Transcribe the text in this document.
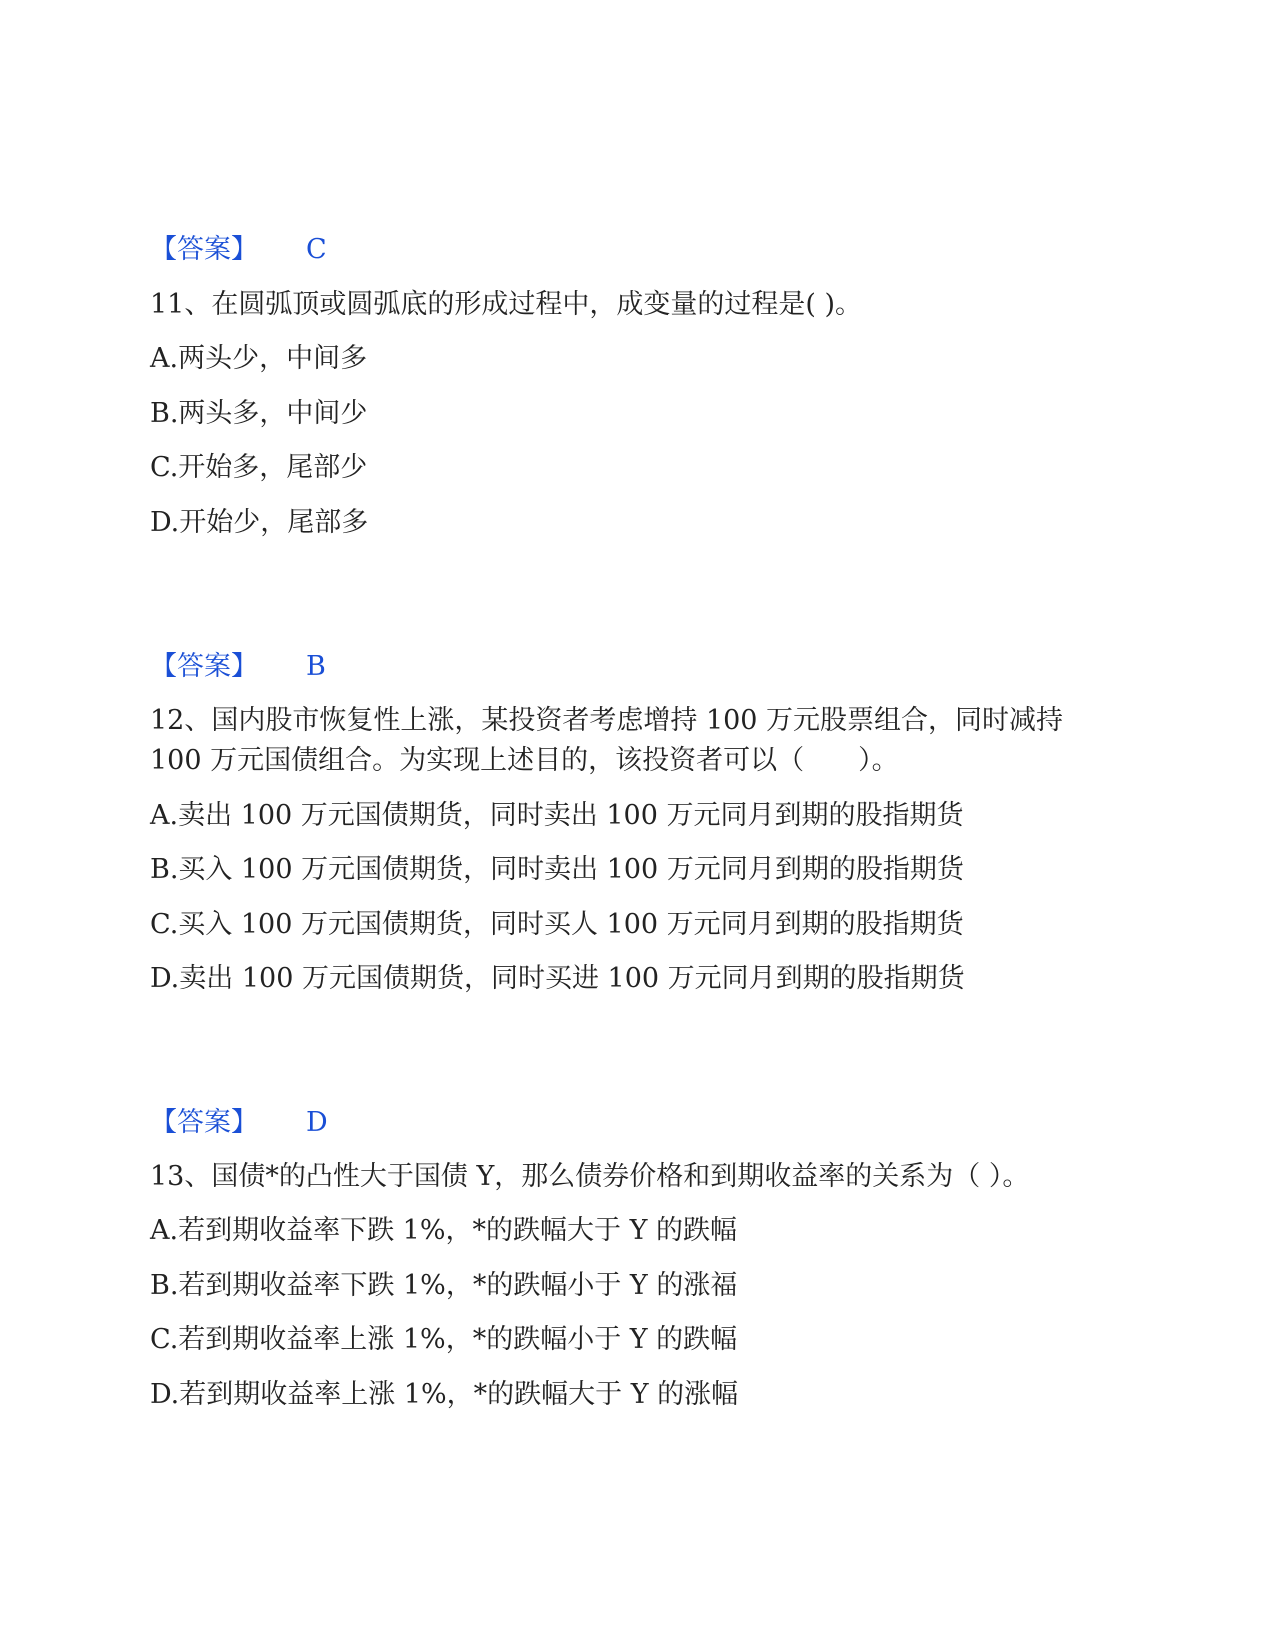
【答案】 C
11、在圆弧顶或圆弧底的形成过程中，成变量的过程是( )。
A.两头少，中间多
B.两头多，中间少
C.开始多，尾部少
D.开始少，尾部多
【答案】 B
12、国内股市恢复性上涨，某投资者考虑增持 100 万元股票组合，同时减持
100 万元国债组合。为实现上述目的，该投资者可以（　　）。
A.卖出 100 万元国债期货，同时卖出 100 万元同月到期的股指期货
B.买入 100 万元国债期货，同时卖出 100 万元同月到期的股指期货
C.买入 100 万元国债期货，同时买人 100 万元同月到期的股指期货
D.卖出 100 万元国债期货，同时买进 100 万元同月到期的股指期货
【答案】 D
13、国债*的凸性大于国债 Y，那么债券价格和到期收益率的关系为（ ）。
A.若到期收益率下跌 1%，*的跌幅大于 Y 的跌幅
B.若到期收益率下跌 1%，*的跌幅小于 Y 的涨福
C.若到期收益率上涨 1%，*的跌幅小于 Y 的跌幅
D.若到期收益率上涨 1%，*的跌幅大于 Y 的涨幅
